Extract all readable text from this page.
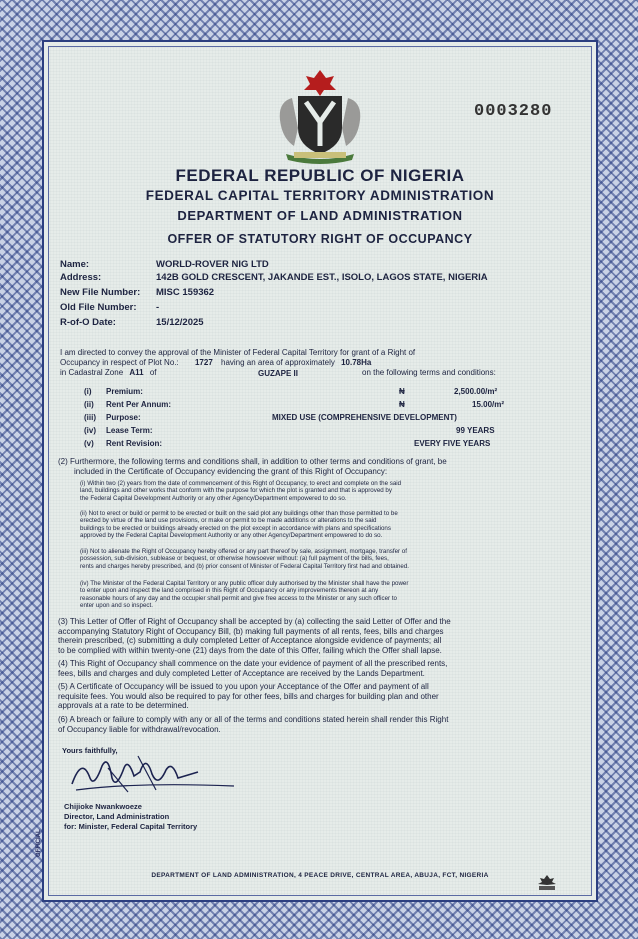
0003280
FEDERAL REPUBLIC OF NIGERIA
FEDERAL CAPITAL TERRITORY ADMINISTRATION
DEPARTMENT OF LAND ADMINISTRATION
OFFER OF STATUTORY RIGHT OF OCCUPANCY
Name:	WORLD-ROVER NIG LTD
Address:	142B GOLD CRESCENT, JAKANDE EST., ISOLO, LAGOS STATE, NIGERIA
New File Number: MISC 159362
Old File Number: -
R-of-O Date:	15/12/2025
I am directed to convey the approval of the Minister of Federal Capital Territory for grant of a Right of
Occupancy in respect of Plot No.: 1727 having an area of approximately 10.78Ha
in Cadastral Zone A11 of	GUZAPE II	on the following terms and conditions:
(i) Premium:	₦	2,500.00/m²
(ii) Rent Per Annum:	₦	15.00/m²
(iii) Purpose:	MIXED USE (COMPREHENSIVE DEVELOPMENT)
(iv) Lease Term:	99 YEARS
(v) Rent Revision:	EVERY FIVE YEARS
(2) Furthermore, the following terms and conditions shall, in addition to other terms and conditions of grant, be
included in the Certificate of Occupancy evidencing the grant of this Right of Occupancy:
(i) Within two (2) years from the date of commencement of this Right of Occupancy, to erect and complete on the said
land, buildings and other works that conform with the purpose for which the plot is granted and that is approved by
the Federal Capital Development Authority or any other Agency/Department empowered to do so.
(ii) Not to erect or build or permit to be erected or built on the said plot any buildings other than those permitted to be
erected by virtue of the land use provisions, or make or permit to be made additions or alterations to the said
buildings to be erected or buildings already erected on the plot except in accordance with plans and specifications
approved by the Federal Capital Development Authority or any other Agency/Department empowered to do so.
(iii) Not to alienate the Right of Occupancy hereby offered or any part thereof by sale, assignment, mortgage, transfer of
possession, sub-division, sublease or bequest, or otherwise howsoever without: (a) full payment of the bills, fees,
rents and charges hereby prescribed, and (b) prior consent of Minister of Federal Capital Territory first had and obtained.
(iv) The Minister of the Federal Capital Territory or any public officer duly authorised by the Minister shall have the power
to enter upon and inspect the land comprised in this Right of Occupancy or any improvements thereon at any
reasonable hours of any day and the occupier shall permit and give free access to the Minister or any such officer to
enter upon and so inspect.
(3) This Letter of Offer of Right of Occupancy shall be accepted by (a) collecting the said Letter of Offer and the
accompanying Statutory Right of Occupancy Bill, (b) making full payments of all rents, fees, bills and charges
therein prescribed, (c) submitting a duly completed Letter of Acceptance alongside evidence of payments; all
to be complied with within twenty-one (21) days from the date of this Offer, failing which the Offer shall lapse.
(4) This Right of Occupancy shall commence on the date your evidence of payment of all the prescribed rents,
fees, bills and charges and duly completed Letter of Acceptance are received by the Lands Department.
(5) A Certificate of Occupancy will be issued to you upon your Acceptance of the Offer and payment of all
requisite fees. You would also be required to pay for other fees, bills and charges for building plan and other
approvals at a rate to be determined.
(6) A breach or failure to comply with any or all of the terms and conditions stated herein shall render this Right
of Occupancy liable for withdrawal/revocation.
Yours faithfully,
Chijioke Nwankwoeze
Director, Land Administration
for: Minister, Federal Capital Territory
OFFICIAL
DEPARTMENT OF LAND ADMINISTRATION, 4 PEACE DRIVE, CENTRAL AREA, ABUJA, FCT, NIGERIA
